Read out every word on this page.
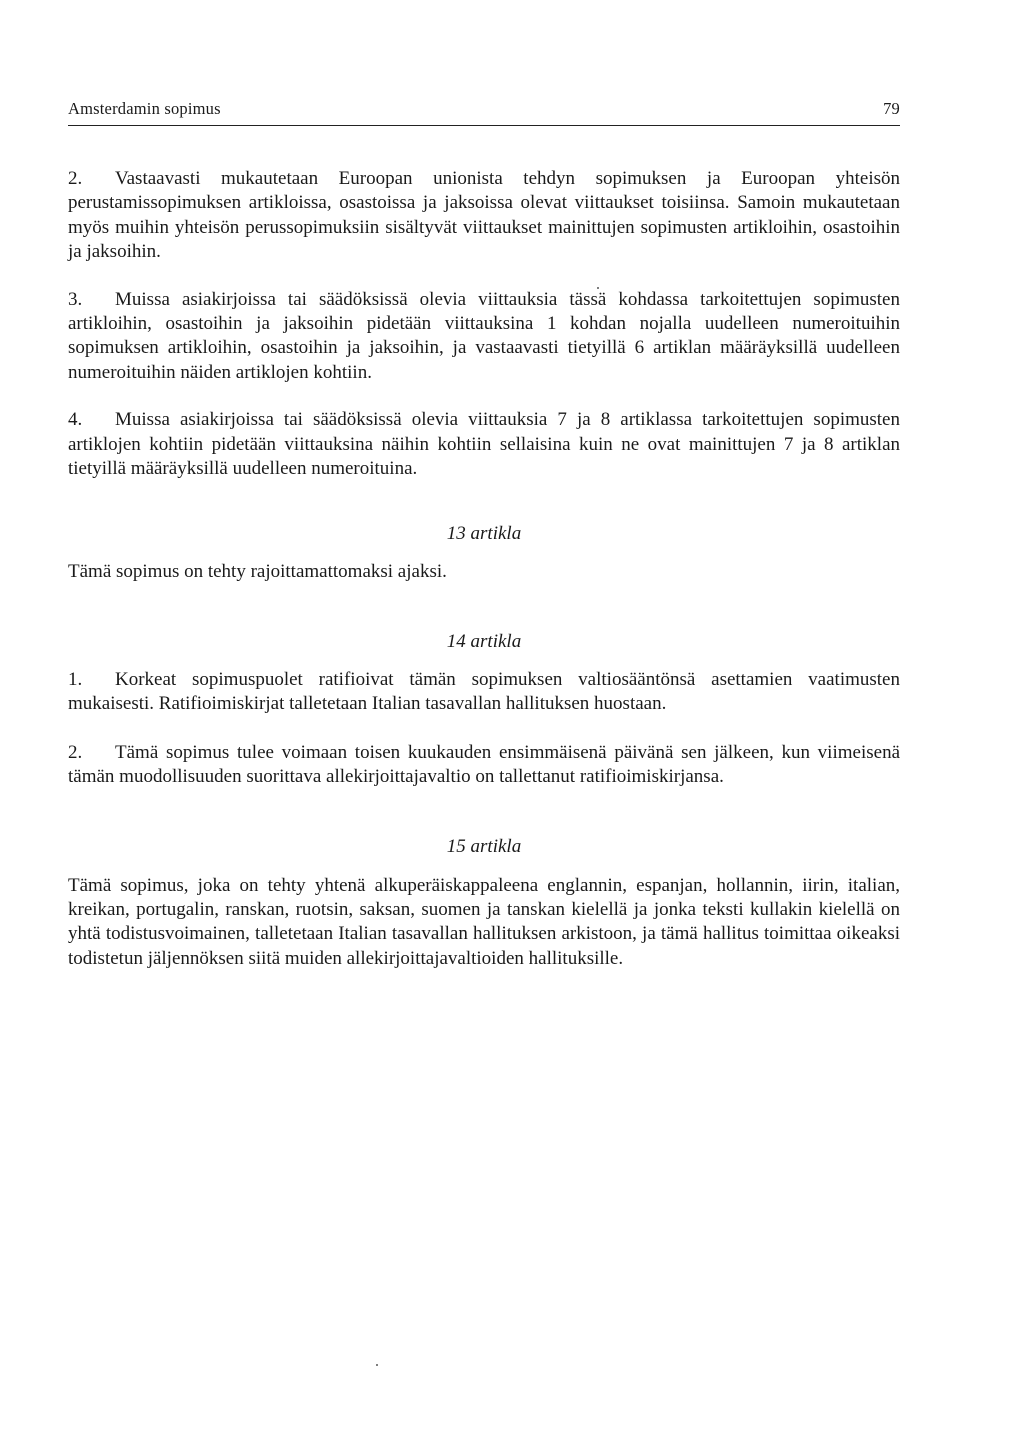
Amsterdamin sopimus	79

2. Vastaavasti mukautetaan Euroopan unionista tehdyn sopimuksen ja Euroopan yhteisön perustamissopimuksen artikloissa, osastoissa ja jaksoissa olevat viittaukset toisiinsa. Samoin mukautetaan myös muihin yhteisön perussopimuksiin sisältyvät viittaukset mainittujen sopimusten artikloihin, osastoihin ja jaksoihin.

3. Muissa asiakirjoissa tai säädöksissä olevia viittauksia tässä kohdassa tarkoitettujen sopimusten artikloihin, osastoihin ja jaksoihin pidetään viittauksina 1 kohdan nojalla uudelleen numeroituihin sopimuksen artikloihin, osastoihin ja jaksoihin, ja vastaavasti tietyillä 6 artiklan määräyksillä uudelleen numeroituihin näiden artiklojen kohtiin.

4. Muissa asiakirjoissa tai säädöksissä olevia viittauksia 7 ja 8 artiklassa tarkoitettujen sopimusten artiklojen kohtiin pidetään viittauksina näihin kohtiin sellaisina kuin ne ovat mainittujen 7 ja 8 artiklan tietyillä määräyksillä uudelleen numeroituina.

13 artikla

Tämä sopimus on tehty rajoittamattomaksi ajaksi.

14 artikla

1. Korkeat sopimuspuolet ratifioivat tämän sopimuksen valtiosääntönsä asettamien vaatimusten mukaisesti. Ratifioimiskirjat talletetaan Italian tasavallan hallituksen huostaan.

2. Tämä sopimus tulee voimaan toisen kuukauden ensimmäisenä päivänä sen jälkeen, kun viimeisenä tämän muodollisuuden suorittava allekirjoittajavaltio on tallettanut ratifioimiskirjansa.

15 artikla

Tämä sopimus, joka on tehty yhtenä alkuperäiskappaleena englannin, espanjan, hollannin, iirin, italian, kreikan, portugalin, ranskan, ruotsin, saksan, suomen ja tanskan kielellä ja jonka teksti kullakin kielellä on yhtä todistusvoimainen, talletetaan Italian tasavallan hallituksen arkistoon, ja tämä hallitus toimittaa oikeaksi todistetun jäljennöksen siitä muiden allekirjoittajavaltioiden hallituksille.
